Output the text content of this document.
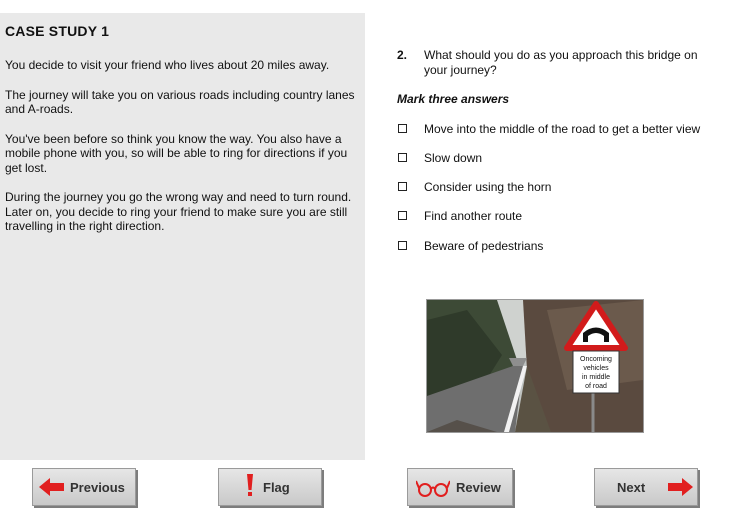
CASE STUDY 1

You decide to visit your friend who lives about 20 miles away.

The journey will take you on various roads including country lanes and A-roads.

You've been before so think you know the way. You also have a mobile phone with you, so will be able to ring for directions if you get lost.

During the journey you go the wrong way and need to turn round. Later on, you decide to ring your friend to make sure you are still travelling in the right direction.

2. What should you do as you approach this bridge on your journey?
Mark three answers
Move into the middle of the road to get a better view
Slow down
Consider using the horn
Find another route
Beware of pedestrians
Oncoming
vehicles
in middle
of road
Previous	Flag	Review	Next
